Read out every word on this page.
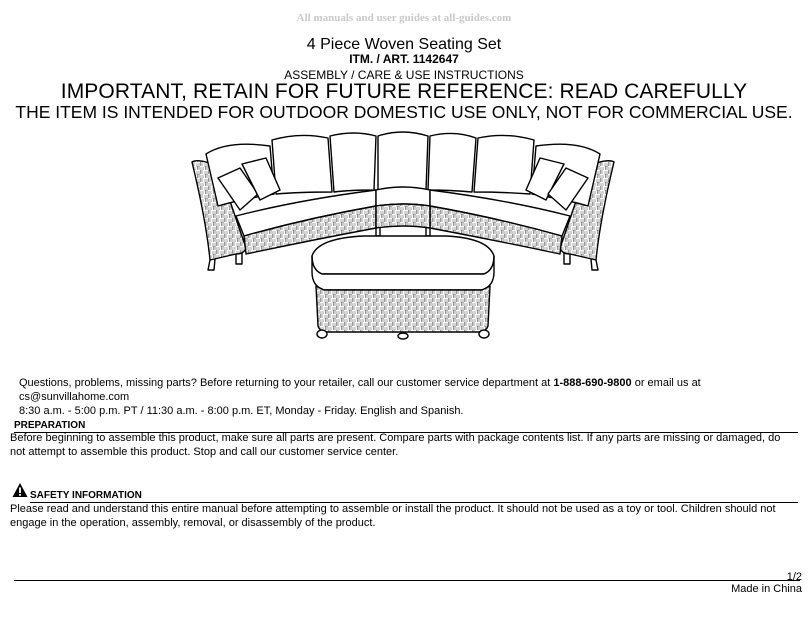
All manuals and user guides at all-guides.com
4 Piece Woven Seating Set
ITM. / ART. 1142647
ASSEMBLY / CARE & USE INSTRUCTIONS
IMPORTANT, RETAIN FOR FUTURE REFERENCE: READ CAREFULLY
THE ITEM IS INTENDED FOR OUTDOOR DOMESTIC USE ONLY, NOT FOR COMMERCIAL USE.
Questions, problems, missing parts? Before returning to your retailer, call our customer service department at 1-888-690-9800 or email us at cs@sunvillahome.com
8:30 a.m. - 5:00 p.m. PT / 11:30 a.m. - 8:00 p.m. ET, Monday - Friday. English and Spanish.
PREPARATION
Before beginning to assemble this product, make sure all parts are present. Compare parts with package contents list. If any parts are missing or damaged, do not attempt to assemble this product. Stop and call our customer service center.
SAFETY INFORMATION
Please read and understand this entire manual before attempting to assemble or install the product. It should not be used as a toy or tool. Children should not engage in the operation, assembly, removal, or disassembly of the product.
1/2
Made in China
